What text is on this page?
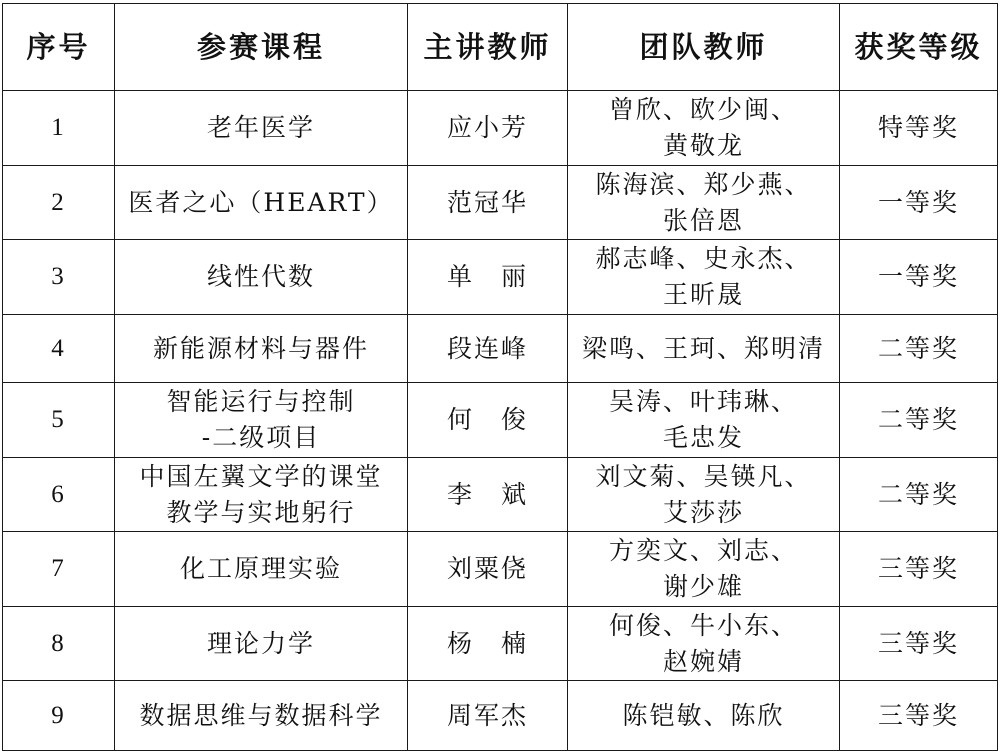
序号	参赛课程	主讲教师	团队教师	获奖等级
1	老年医学	应小芳	曾欣、欧少闽、
黄敬龙	特等奖
2	医者之心（HEART）	范冠华	陈海滨、郑少燕、
张倍恩	一等奖
3	线性代数	单　丽	郝志峰、史永杰、
王昕晟	一等奖
4	新能源材料与器件	段连峰	梁鸣、王珂、郑明清	二等奖
5	智能运行与控制
-二级项目	何　俊	吴涛、叶玮琳、
毛忠发	二等奖
6	中国左翼文学的课堂
教学与实地躬行	李　斌	刘文菊、吴锳凡、
艾莎莎	二等奖
7	化工原理实验	刘粟侥	方奕文、刘志、
谢少雄	三等奖
8	理论力学	杨　楠	何俊、牛小东、
赵婉婧	三等奖
9	数据思维与数据科学	周军杰	陈铠敏、陈欣	三等奖
